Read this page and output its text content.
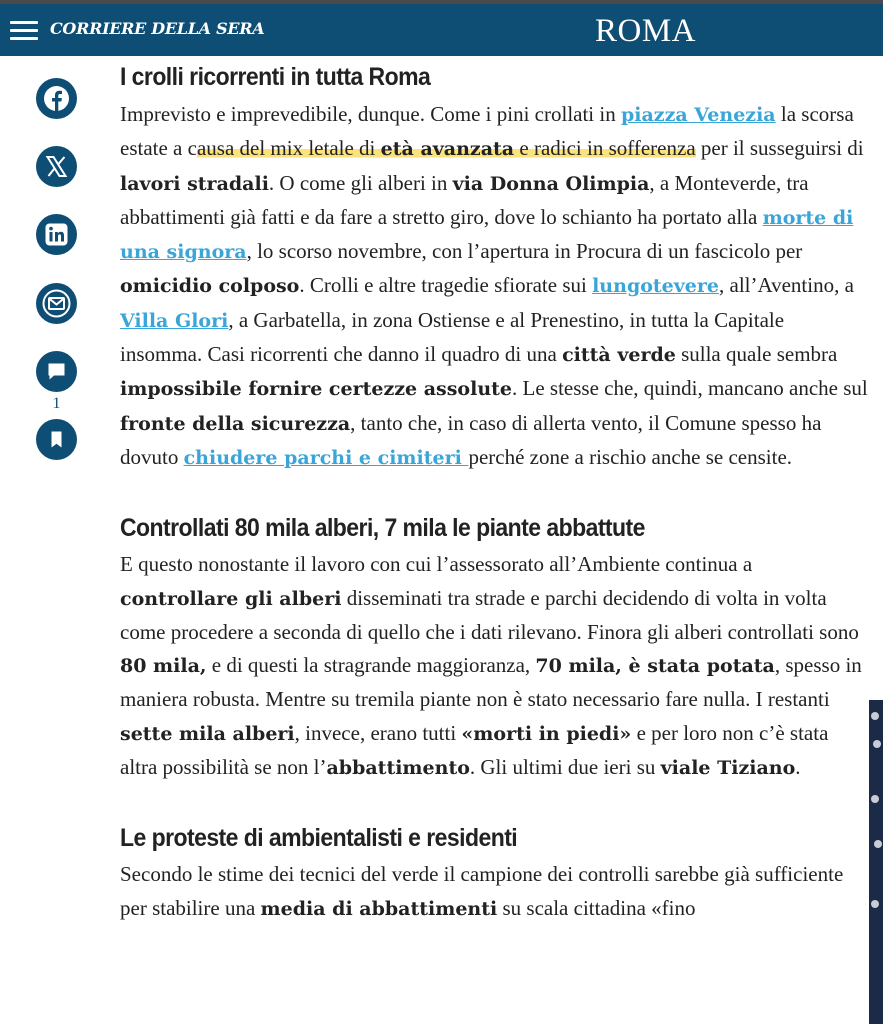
CORRIERE DELLA SERA	ROMA
1
I crolli ricorrenti in tutta Roma

Imprevisto e imprevedibile, dunque. Come i pini crollati in piazza Venezia la scorsa estate a causa del mix letale di età avanzata e radici in sofferenza per il susseguirsi di lavori stradali. O come gli alberi in via Donna Olimpia, a Monteverde, tra abbattimenti già fatti e da fare a stretto giro, dove lo schianto ha portato alla morte di una signora, lo scorso novembre, con l’apertura in Procura di un fascicolo per omicidio colposo. Crolli e altre tragedie sfiorate sui lungotevere, all’Aventino, a Villa Glori, a Garbatella, in zona Ostiense e al Prenestino, in tutta la Capitale insomma. Casi ricorrenti che danno il quadro di una città verde sulla quale sembra impossibile fornire certezze assolute. Le stesse che, quindi, mancano anche sul fronte della sicurezza, tanto che, in caso di allerta vento, il Comune spesso ha dovuto chiudere parchi e cimiteri perché zone a rischio anche se censite.

Controllati 80 mila alberi, 7 mila le piante abbattute

E questo nonostante il lavoro con cui l’assessorato all’Ambiente continua a controllare gli alberi disseminati tra strade e parchi decidendo di volta in volta come procedere a seconda di quello che i dati rilevano. Finora gli alberi controllati sono 80 mila, e di questi la stragrande maggioranza, 70 mila, è stata potata, spesso in maniera robusta. Mentre su tremila piante non è stato necessario fare nulla. I restanti sette mila alberi, invece, erano tutti «morti in piedi» e per loro non c’è stata altra possibilità se non l’abbattimento. Gli ultimi due ieri su viale Tiziano.

Le proteste di ambientalisti e residenti

Secondo le stime dei tecnici del verde il campione dei controlli sarebbe già sufficiente per stabilire una media di abbattimenti su scala cittadina «fino
